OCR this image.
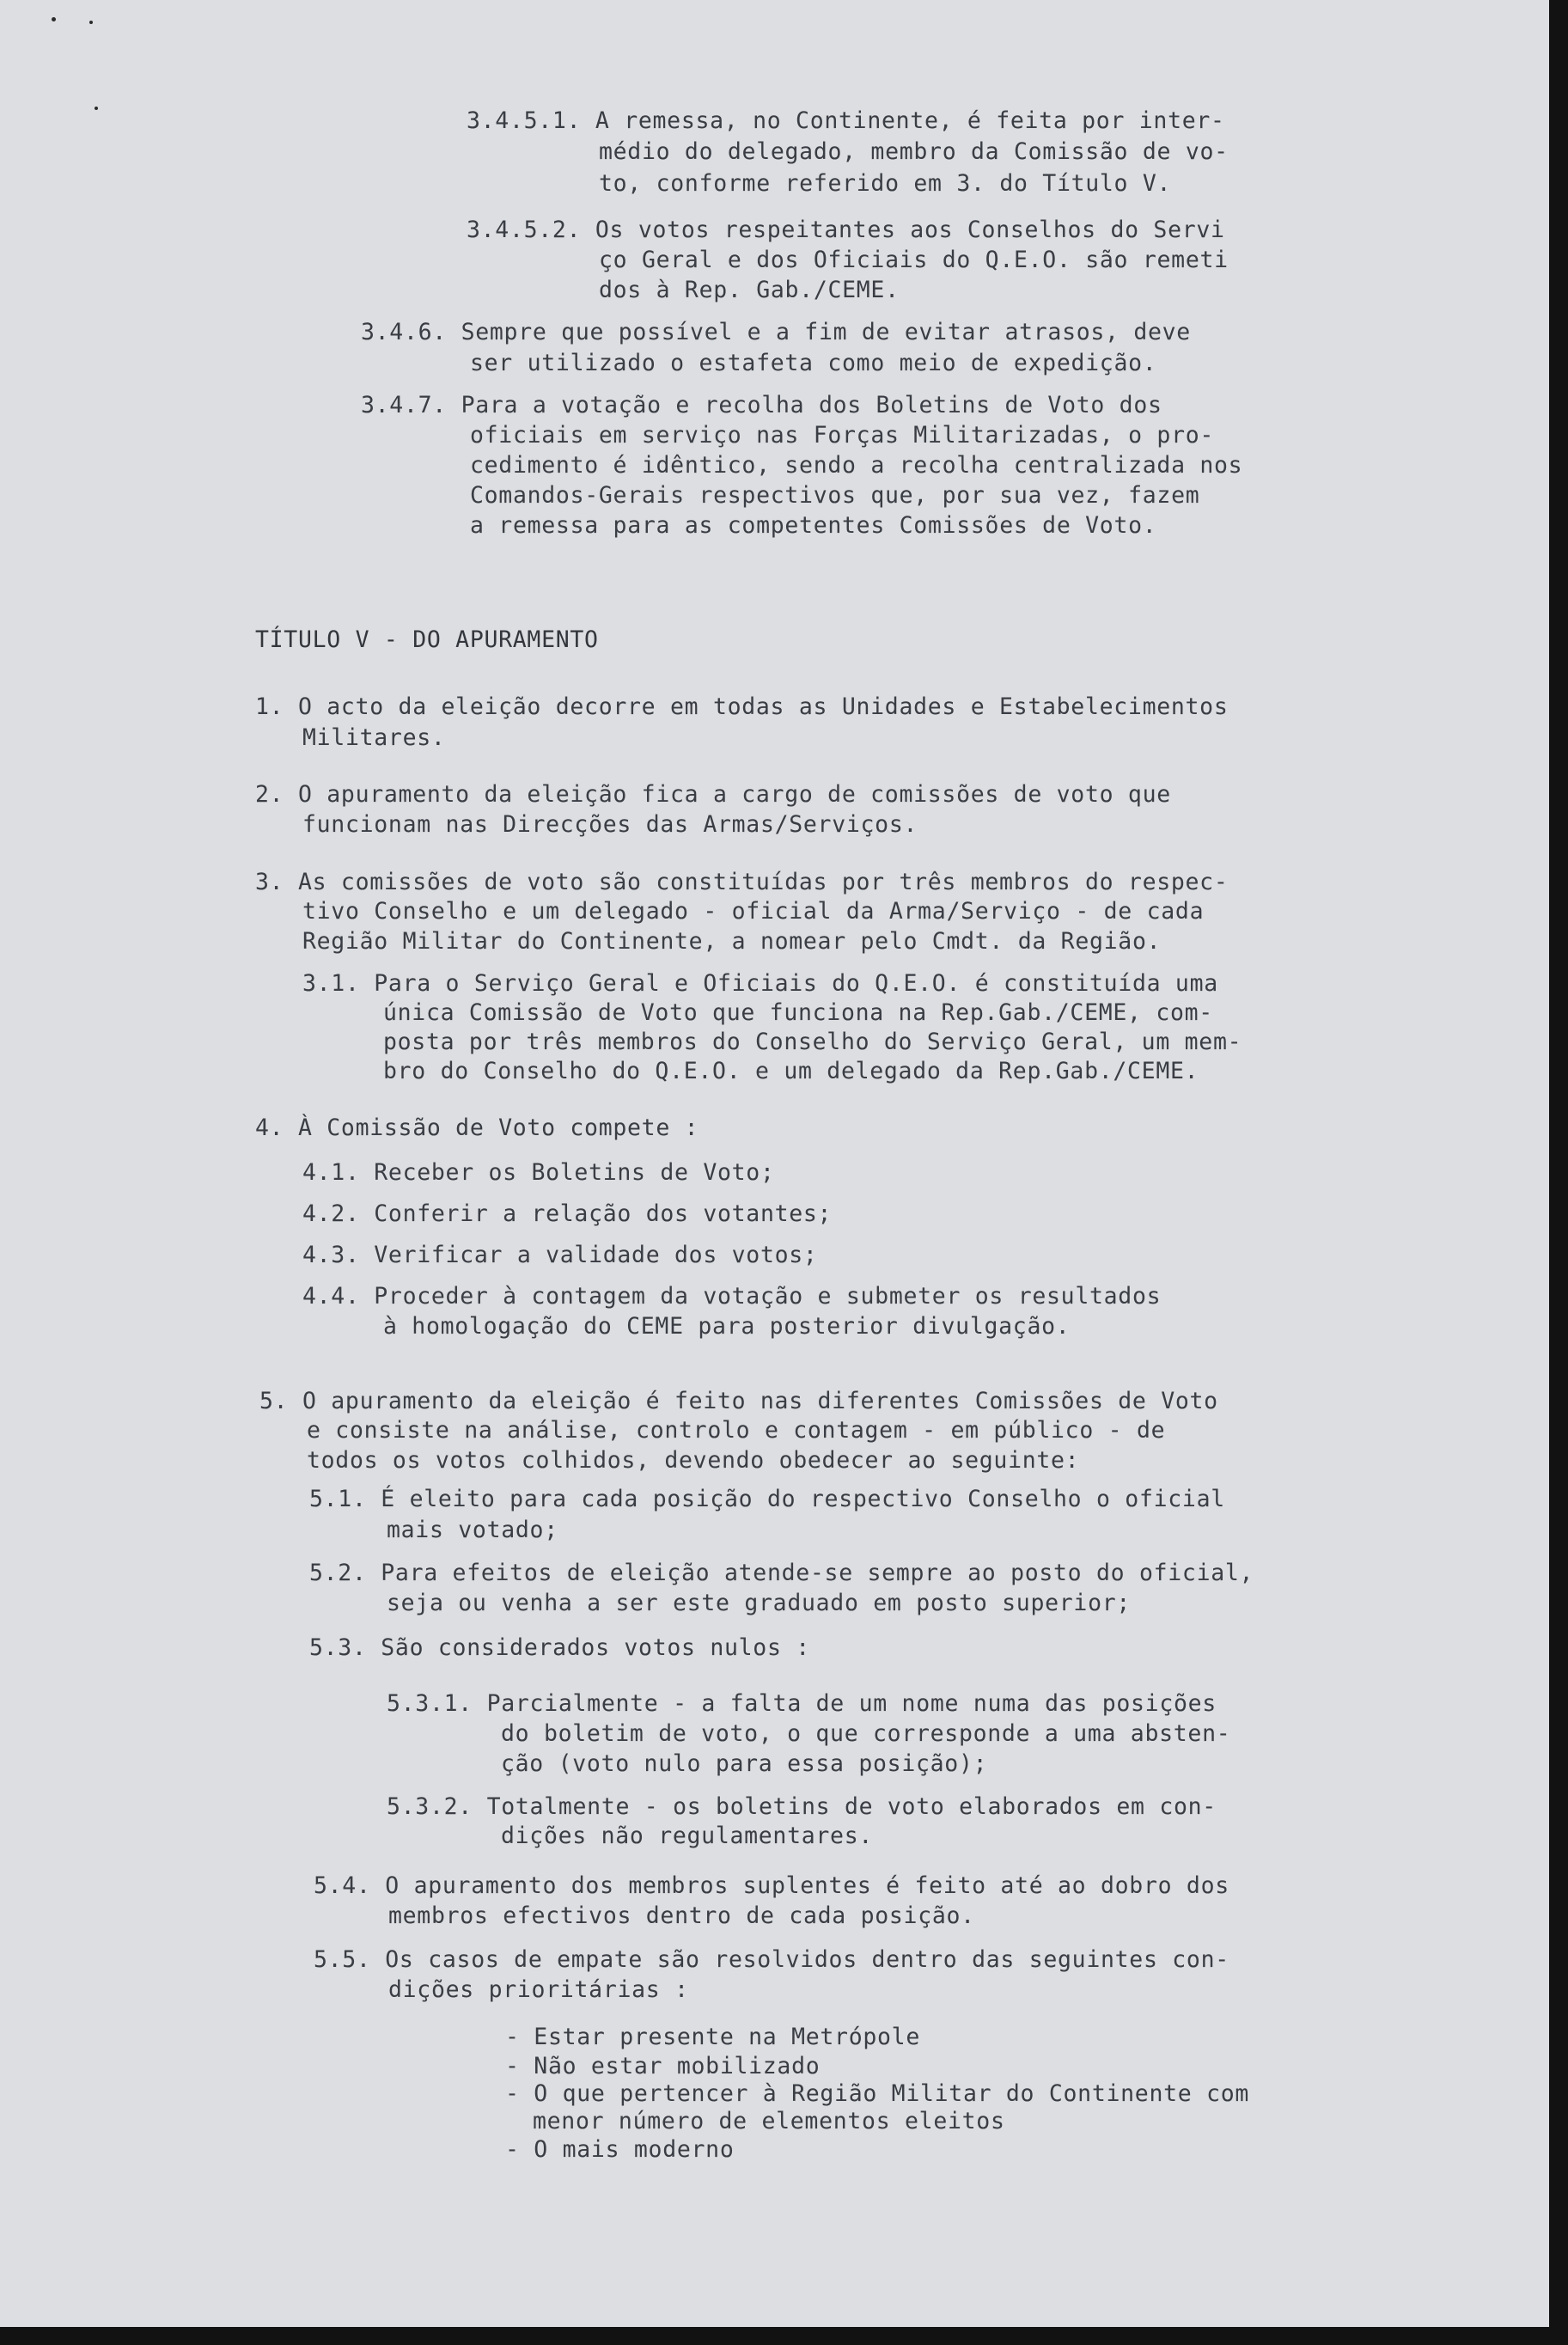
3.4.5.1. A remessa, no Continente, é feita por inter-
médio do delegado, membro da Comissão de vo-
to, conforme referido em 3. do Título V.
3.4.5.2. Os votos respeitantes aos Conselhos do Servi
ço Geral e dos Oficiais do Q.E.O. são remeti
dos à Rep. Gab./CEME.
3.4.6. Sempre que possível e a fim de evitar atrasos, deve
ser utilizado o estafeta como meio de expedição.
3.4.7. Para a votação e recolha dos Boletins de Voto dos
oficiais em serviço nas Forças Militarizadas, o pro-
cedimento é idêntico, sendo a recolha centralizada nos
Comandos-Gerais respectivos que, por sua vez, fazem
a remessa para as competentes Comissões de Voto.
TÍTULO V - DO APURAMENTO
1. O acto da eleição decorre em todas as Unidades e Estabelecimentos
Militares.
2. O apuramento da eleição fica a cargo de comissões de voto que
funcionam nas Direcções das Armas/Serviços.
3. As comissões de voto são constituídas por três membros do respec-
tivo Conselho e um delegado - oficial da Arma/Serviço - de cada
Região Militar do Continente, a nomear pelo Cmdt. da Região.
3.1. Para o Serviço Geral e Oficiais do Q.E.O. é constituída uma
única Comissão de Voto que funciona na Rep.Gab./CEME, com-
posta por três membros do Conselho do Serviço Geral, um mem-
bro do Conselho do Q.E.O. e um delegado da Rep.Gab./CEME.
4. À Comissão de Voto compete :
4.1. Receber os Boletins de Voto;
4.2. Conferir a relação dos votantes;
4.3. Verificar a validade dos votos;
4.4. Proceder à contagem da votação e submeter os resultados
à homologação do CEME para posterior divulgação.
5. O apuramento da eleição é feito nas diferentes Comissões de Voto
e consiste na análise, controlo e contagem - em público - de
todos os votos colhidos, devendo obedecer ao seguinte:
5.1. É eleito para cada posição do respectivo Conselho o oficial
mais votado;
5.2. Para efeitos de eleição atende-se sempre ao posto do oficial,
seja ou venha a ser este graduado em posto superior;
5.3. São considerados votos nulos :
5.3.1. Parcialmente - a falta de um nome numa das posições
do boletim de voto, o que corresponde a uma absten-
ção (voto nulo para essa posição);
5.3.2. Totalmente - os boletins de voto elaborados em con-
dições não regulamentares.
5.4. O apuramento dos membros suplentes é feito até ao dobro dos
membros efectivos dentro de cada posição.
5.5. Os casos de empate são resolvidos dentro das seguintes con-
dições prioritárias :
- Estar presente na Metrópole
- Não estar mobilizado
- O que pertencer à Região Militar do Continente com
menor número de elementos eleitos
- O mais moderno
